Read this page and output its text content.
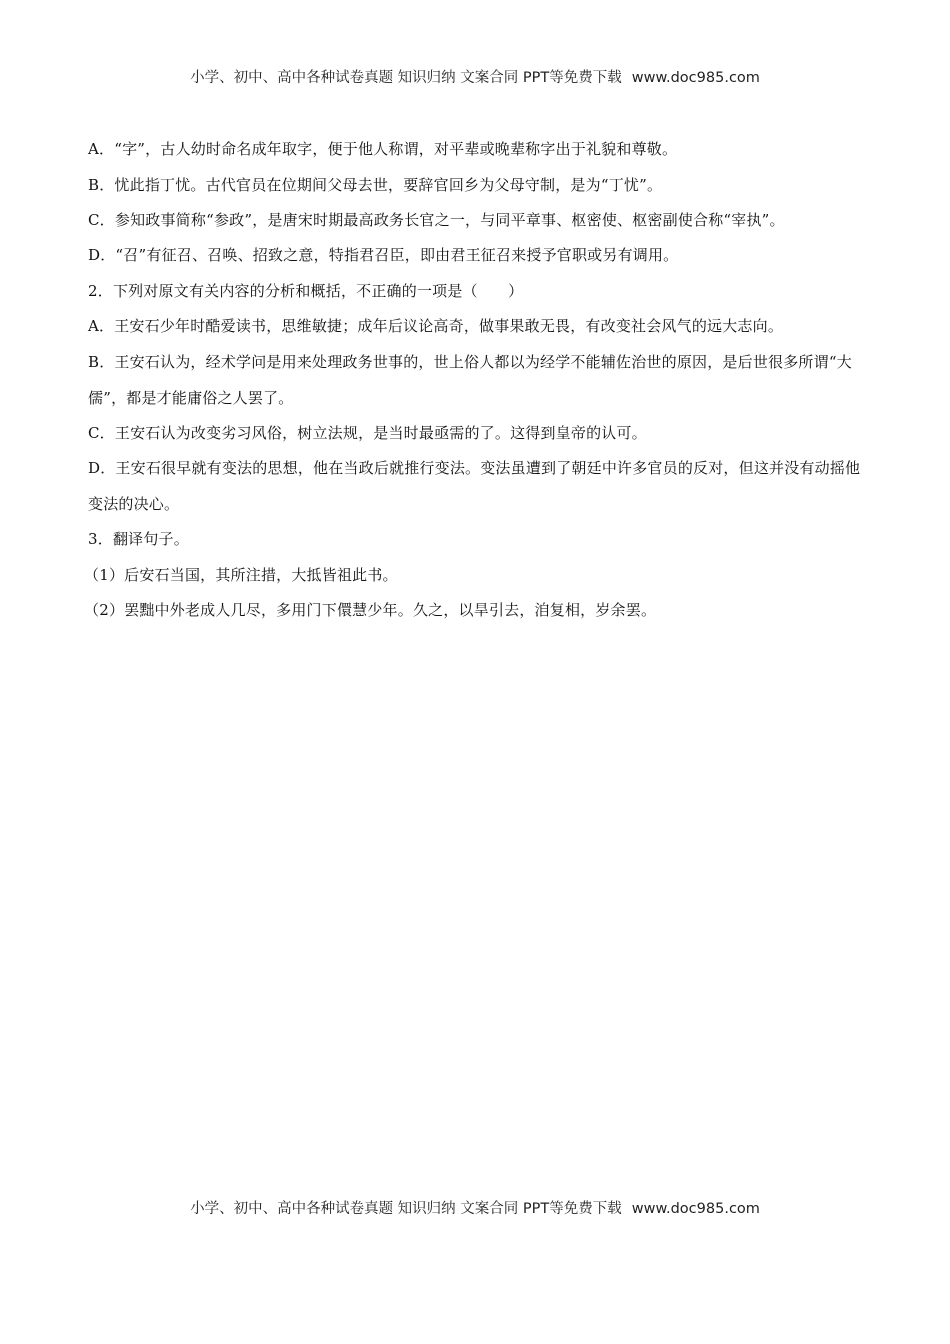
小学、初中、高中各种试卷真题 知识归纳 文案合同 PPT等免费下载 www.doc985.com

A．“字”，古人幼时命名成年取字，便于他人称谓，对平辈或晚辈称字出于礼貌和尊敬。

B．忧此指丁忧。古代官员在位期间父母去世，要辞官回乡为父母守制，是为“丁忧”。

C．参知政事简称“参政”，是唐宋时期最高政务长官之一，与同平章事、枢密使、枢密副使合称“宰执”。

D．“召”有征召、召唤、招致之意，特指君召臣，即由君王征召来授予官职或另有调用。

2．下列对原文有关内容的分析和概括，不正确的一项是（　　）

A．王安石少年时酷爱读书，思维敏捷；成年后议论高奇，做事果敢无畏，有改变社会风气的远大志向。

B．王安石认为，经术学问是用来处理政务世事的，世上俗人都以为经学不能辅佐治世的原因，是后世很多所谓“大儒”，都是才能庸俗之人罢了。

C．王安石认为改变劣习风俗，树立法规，是当时最亟需的了。这得到皇帝的认可。

D．王安石很早就有变法的思想，他在当政后就推行变法。变法虽遭到了朝廷中许多官员的反对，但这并没有动摇他变法的决心。

3．翻译句子。

（1）后安石当国，其所注措，大抵皆祖此书。

（2）罢黜中外老成人几尽，多用门下儇慧少年。久之，以旱引去，洎复相，岁余罢。

小学、初中、高中各种试卷真题 知识归纳 文案合同 PPT等免费下载 www.doc985.com
